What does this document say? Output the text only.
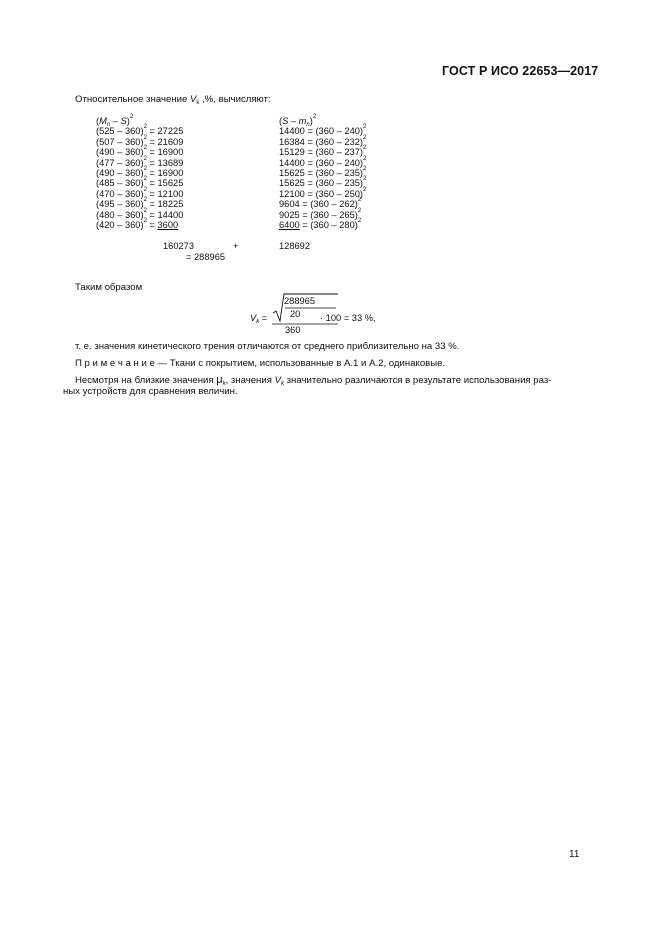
ГОСТ Р ИСО 22653—2017
Относительное значение $V_k$ ,%, вычисляют:
$(M_n - S)^2$
(525 – 360)$^2$ = 27225
(507 – 360)$^2$ = 21609
(490 – 360)$^2$ = 16900
(477 – 360)$^2$ = 13689
(490 – 360)$^2$ = 16900
(485 – 360)$^2$ = 15625
(470 – 360)$^2$ = 12100
(495 – 360)$^2$ = 18225
(480 – 360)$^2$ = 14400
(420 – 360)$^2$ = 3600
$(S - m_n)^2$
14400 = (360 – 240)$^2$
16384 = (360 – 232)$^2$
15129 = (360 – 237)$^2$
14400 = (360 – 240)$^2$
15625 = (360 – 235)$^2$
15625 = (360 – 235)$^2$
12100 = (360 – 250)$^2$
9604 = (360 – 262)$^2$
9025 = (360 – 265)$^2$
6400 = (360 – 280)$^2$
160273	+	128692
= 288965
Таким образом
$V_k$ =
288965
20
360
· 100 = 33 %,
т. е. значения кинетического трения отличаются от среднего приблизительно на 33 %.
П р и м е ч а н и е — Ткани с покрытием, использованные в А.1 и А.2, одинаковые.
Несмотря на близкие значения $\mu_k$, значения $V_k$ значительно различаются в результате использования раз-
ных устройств для сравнения величин.
11
